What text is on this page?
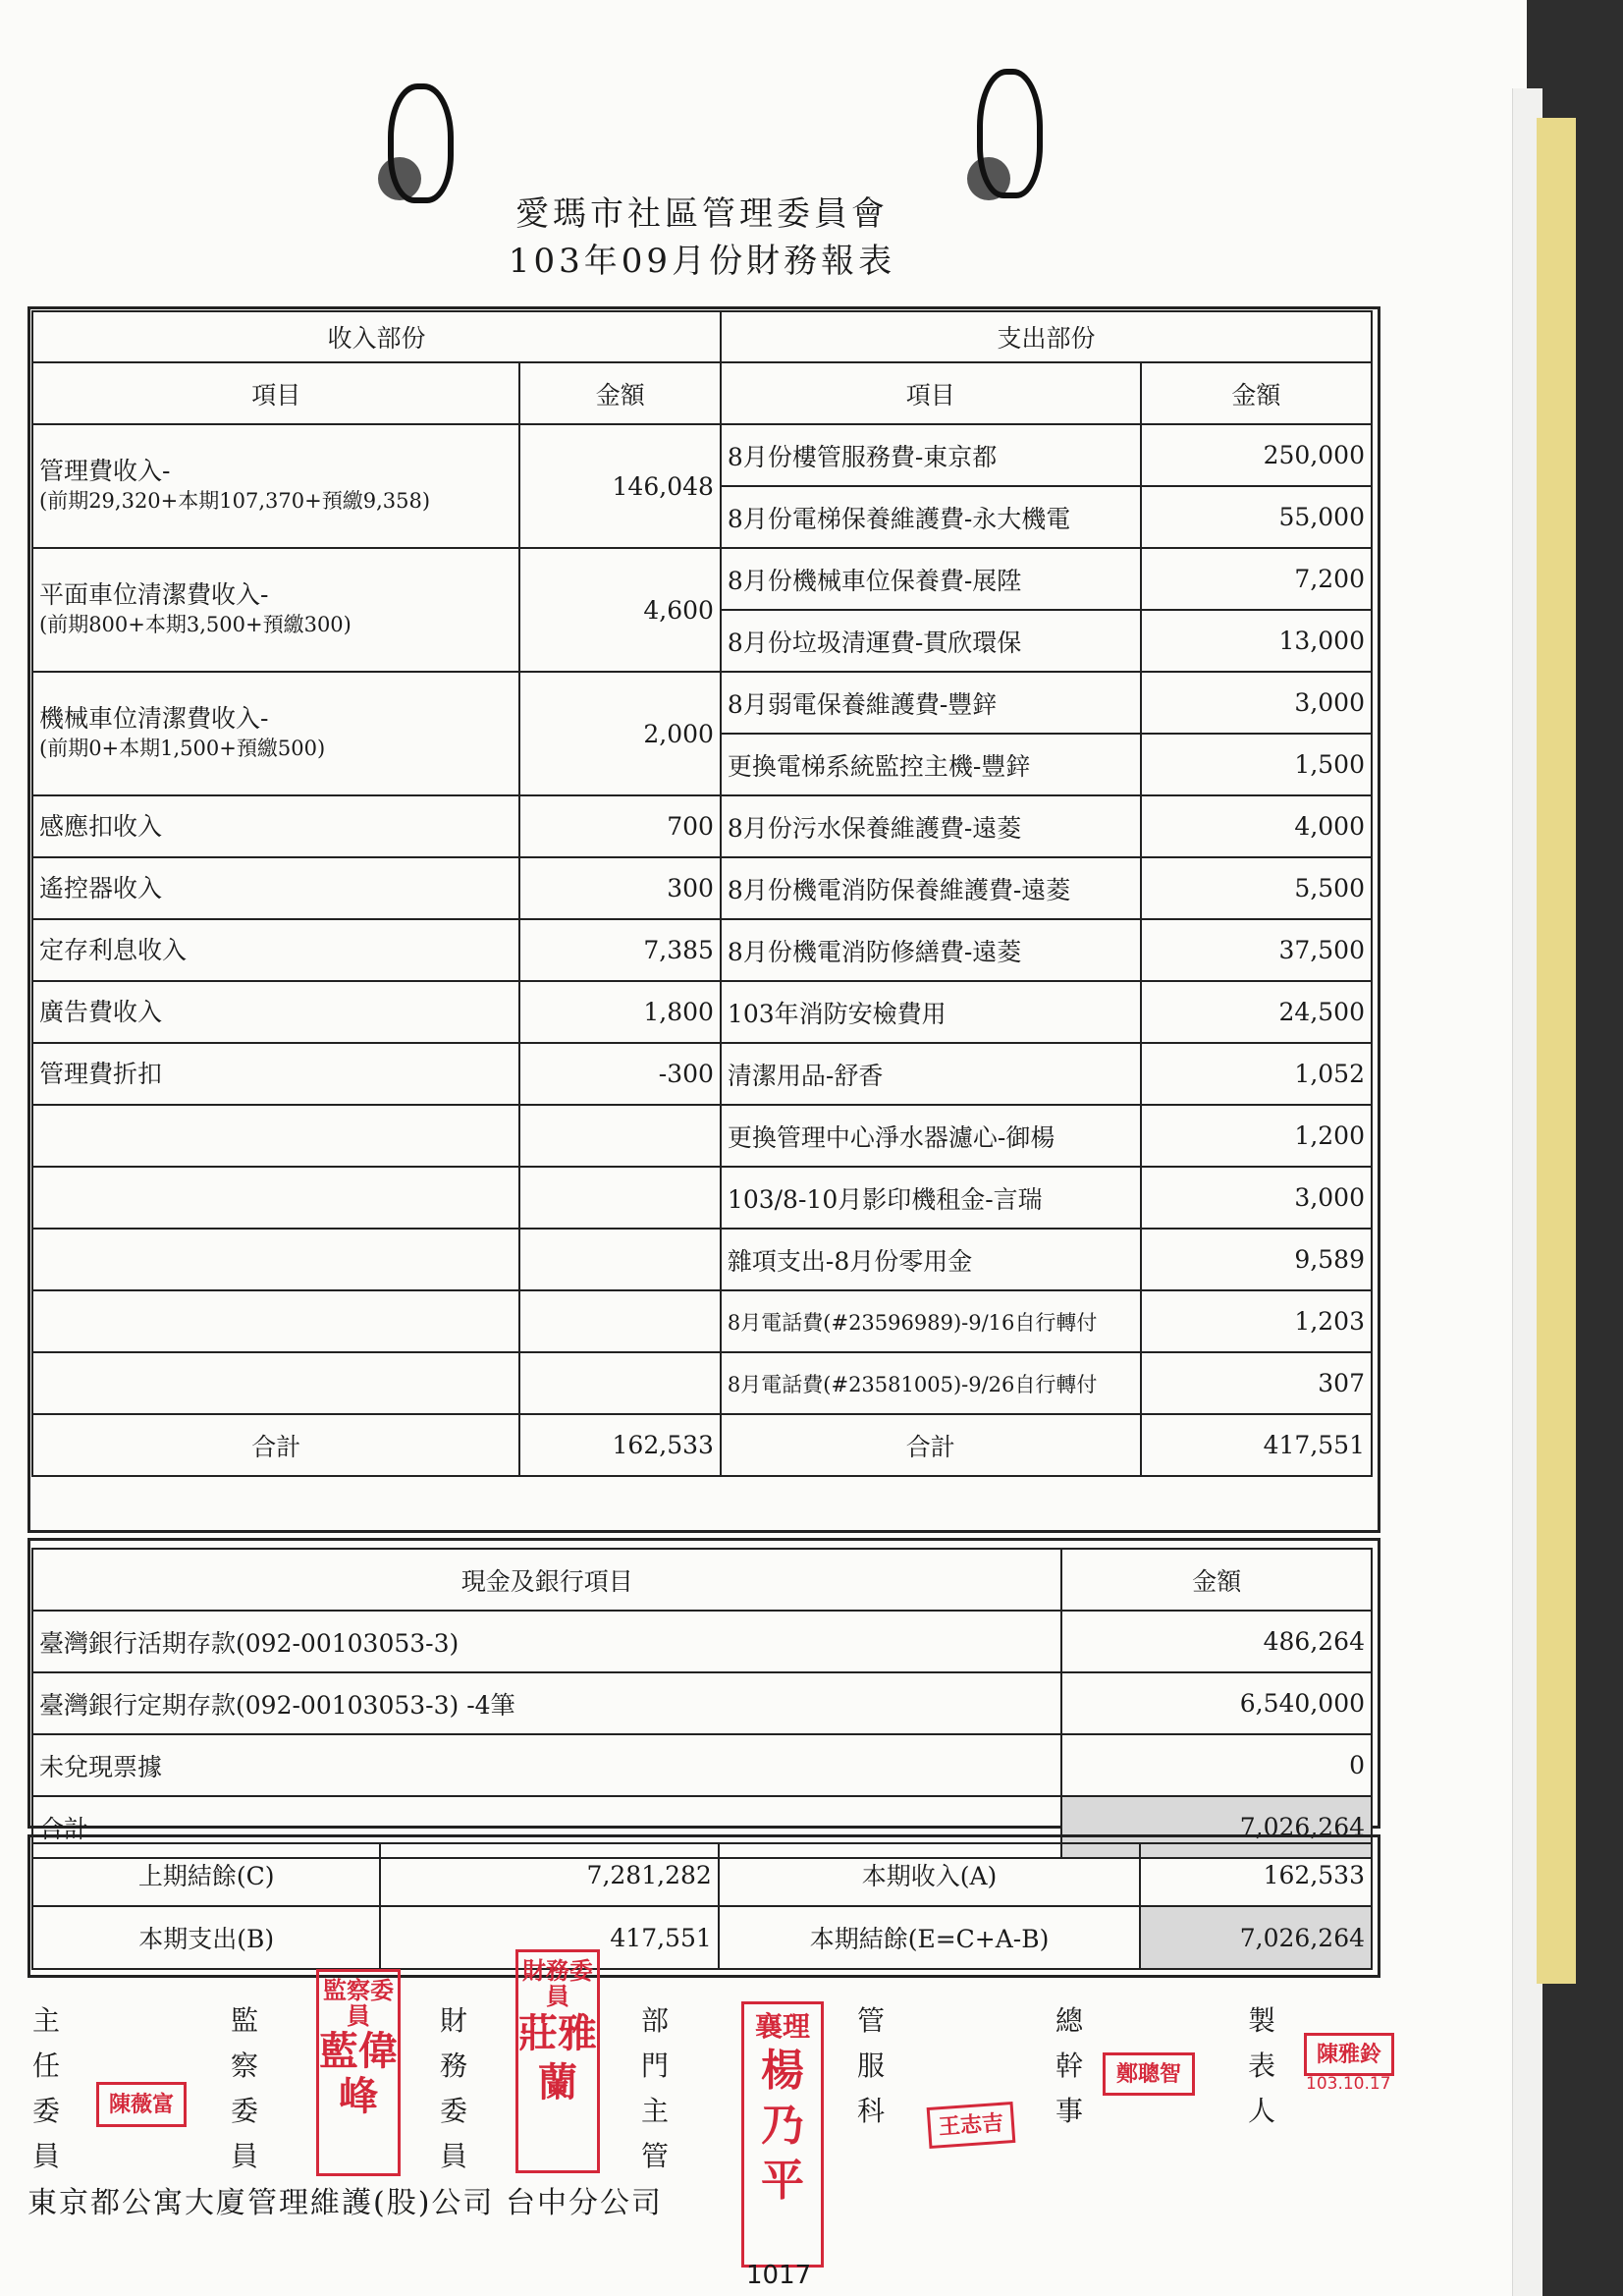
愛瑪市社區管理委員會
103年09月份財務報表
收入部份		支出部份	
項目	金額	項目	金額

管理費收入-
(前期29,320+本期107,370+預繳9,358)	146,048	8月份樓管服務費-東京都	250,000
		8月份電梯保養維護費-永大機電	55,000

平面車位清潔費收入-
(前期800+本期3,500+預繳300)	4,600	8月份機械車位保養費-展陞	7,200
		8月份垃圾清運費-貫欣環保	13,000

機械車位清潔費收入-
(前期0+本期1,500+預繳500)	2,000	8月弱電保養維護費-豐鋅	3,000
		更換電梯系統監控主機-豐鋅	1,500

感應扣收入	700	8月份污水保養維護費-遠菱	4,000

遙控器收入	300	8月份機電消防保養維護費-遠菱	5,500

定存利息收入	7,385	8月份機電消防修繕費-遠菱	37,500

廣告費收入	1,800	103年消防安檢費用	24,500

管理費折扣	-300	清潔用品-舒香	1,052
		更換管理中心淨水器濾心-御楊	1,200
		103/8-10月影印機租金-言瑞	3,000
		雜項支出-8月份零用金	9,589
		8月電話費(#23596989)-9/16自行轉付	1,203
		8月電話費(#23581005)-9/26自行轉付	307
合計	162,533	合計	417,551
現金及銀行項目	金額
臺灣銀行活期存款(092-00103053-3)	486,264
臺灣銀行定期存款(092-00103053-3) -4筆	6,540,000
未兌現票據	0
合計	7,026,264
上期結餘(C)	7,281,282	本期收入(A)	162,533
本期支出(B)	417,551	本期結餘(E=C+A-B)	7,026,264
主
任
委
員
監
察
委
員
財
務
委
員
部
門
主
管
管
服
科
總
幹
事
製
表
人
陳薇富
監察委員
藍偉峰
財務委員
莊雅蘭
襄理
楊乃平
王志吉
鄭聰智
陳雅鈴
103.10.17
東京都公寓大廈管理維護(股)公司 台中分公司
1017
